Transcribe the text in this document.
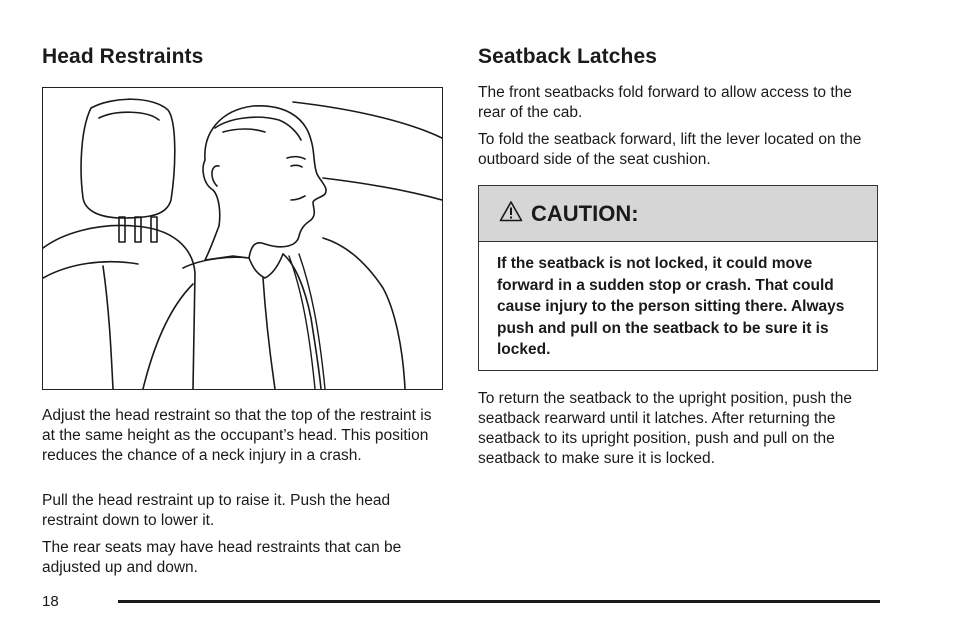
Head Restraints

Adjust the head restraint so that the top of the restraint is at the same height as the occupant’s head. This position reduces the chance of a neck injury in a crash.

Pull the head restraint up to raise it. Push the head restraint down to lower it.

The rear seats may have head restraints that can be adjusted up and down.

Seatback Latches

The front seatbacks fold forward to allow access to the rear of the cab.

To fold the seatback forward, lift the lever located on the outboard side of the seat cushion.

CAUTION:
If the seatback is not locked, it could move forward in a sudden stop or crash. That could cause injury to the person sitting there. Always push and pull on the seatback to be sure it is locked.

To return the seatback to the upright position, push the seatback rearward until it latches. After returning the seatback to its upright position, push and pull on the seatback to make sure it is locked.

18
